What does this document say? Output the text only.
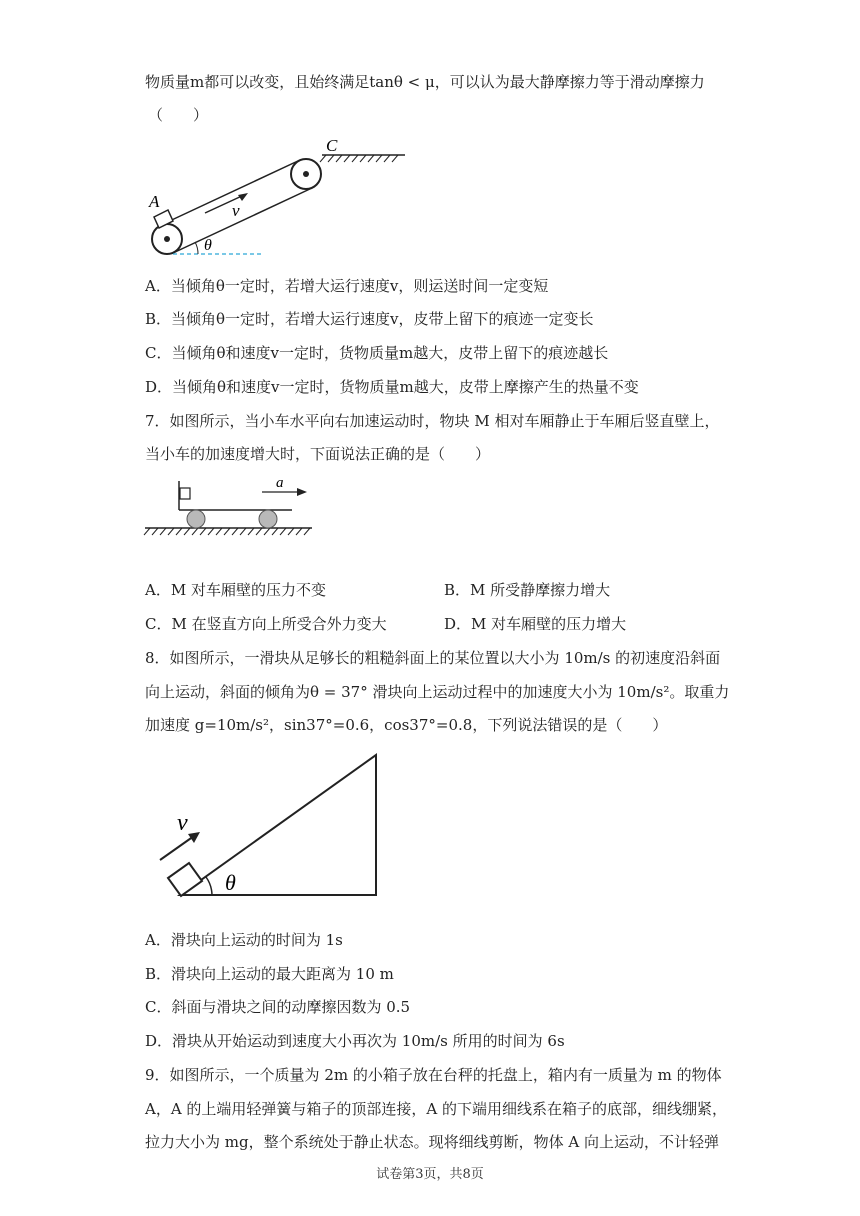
物质量m都可以改变，且始终满足tanθ < μ，可以认为最大静摩擦力等于滑动摩擦力
（　　）
C
A	v
θ
A．当倾角θ一定时，若增大运行速度v，则运送时间一定变短
B．当倾角θ一定时，若增大运行速度v，皮带上留下的痕迹一定变长
C．当倾角θ和速度v一定时，货物质量m越大，皮带上留下的痕迹越长
D．当倾角θ和速度v一定时，货物质量m越大，皮带上摩擦产生的热量不变
7．如图所示，当小车水平向右加速运动时，物块 M 相对车厢静止于车厢后竖直壁上，
当小车的加速度增大时，下面说法正确的是（　　）
a
A．M 对车厢壁的压力不变	B．M 所受静摩擦力增大
C．M 在竖直方向上所受合外力变大	D．M 对车厢壁的压力增大
8．如图所示，一滑块从足够长的粗糙斜面上的某位置以大小为 10m/s 的初速度沿斜面
向上运动，斜面的倾角为θ = 37° 滑块向上运动过程中的加速度大小为 10m/s²。取重力
加速度 g=10m/s²，sin37°=0.6，cos37°=0.8，下列说法错误的是（　　）
θ
v
A．滑块向上运动的时间为 1s
B．滑块向上运动的最大距离为 10 m
C．斜面与滑块之间的动摩擦因数为 0.5
D．滑块从开始运动到速度大小再次为 10m/s 所用的时间为 6s
9．如图所示，一个质量为 2m 的小箱子放在台秤的托盘上，箱内有一质量为 m 的物体
A，A 的上端用轻弹簧与箱子的顶部连接，A 的下端用细线系在箱子的底部，细线绷紧，
拉力大小为 mg，整个系统处于静止状态。现将细线剪断，物体 A 向上运动，不计轻弹
试卷第3页，共8页
